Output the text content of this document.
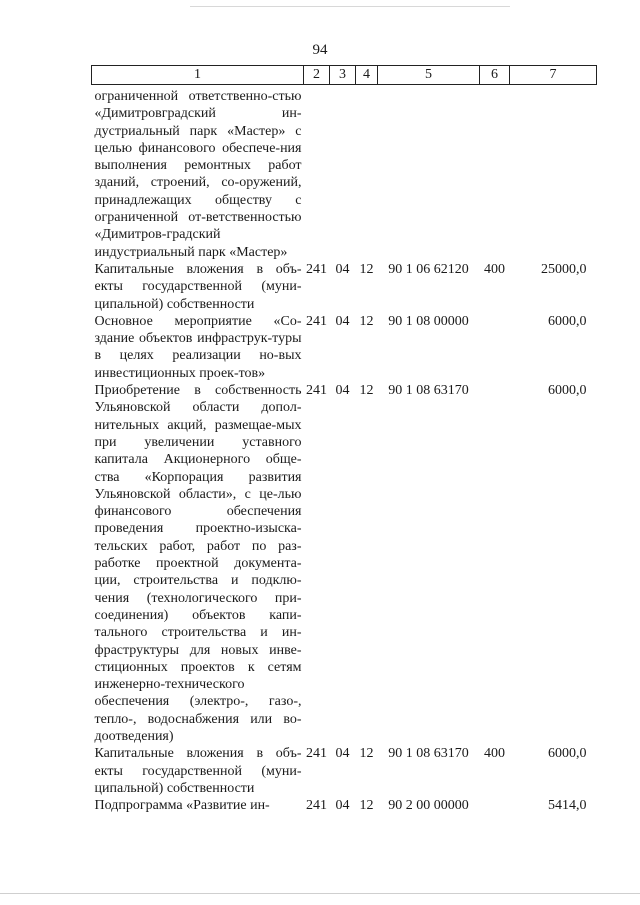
94
1	2	3	4	5	6	7
ограниченной ответственно-стью «Димитровградский ин-дустриальный парк «Мастер» с целью финансового обеспече-ния выполнения ремонтных работ зданий, строений, со-оружений, принадлежащих обществу с ограниченной от-ветственностью «Димитров-градский индустриальный парк «Мастер»						
Капитальные вложения в объ-екты государственной (муни-ципальной) собственности	241	04	12	90 1 06 62120	400	25000,0
Основное мероприятие «Со-здание объектов инфраструк-туры в целях реализации но-вых инвестиционных проек-тов»	241	04	12	90 1 08 00000		6000,0
Приобретение в собственность Ульяновской области допол-нительных акций, размещае-мых при увеличении уставного капитала Акционерного обще-ства «Корпорация развития Ульяновской области», с це-лью финансового обеспечения проведения проектно-изыска-тельских работ, работ по раз-работке проектной документа-ции, строительства и подклю-чения (технологического при-соединения) объектов капи-тального строительства и ин-фраструктуры для новых инве-стиционных проектов к сетям инженерно-технического обеспечения (электро-, газо-, тепло-, водоснабжения или во-доотведения)	241	04	12	90 1 08 63170		6000,0
Капитальные вложения в объ-екты государственной (муни-ципальной) собственности	241	04	12	90 1 08 63170	400	6000,0
Подпрограмма «Развитие ин-	241	04	12	90 2 00 00000		5414,0
